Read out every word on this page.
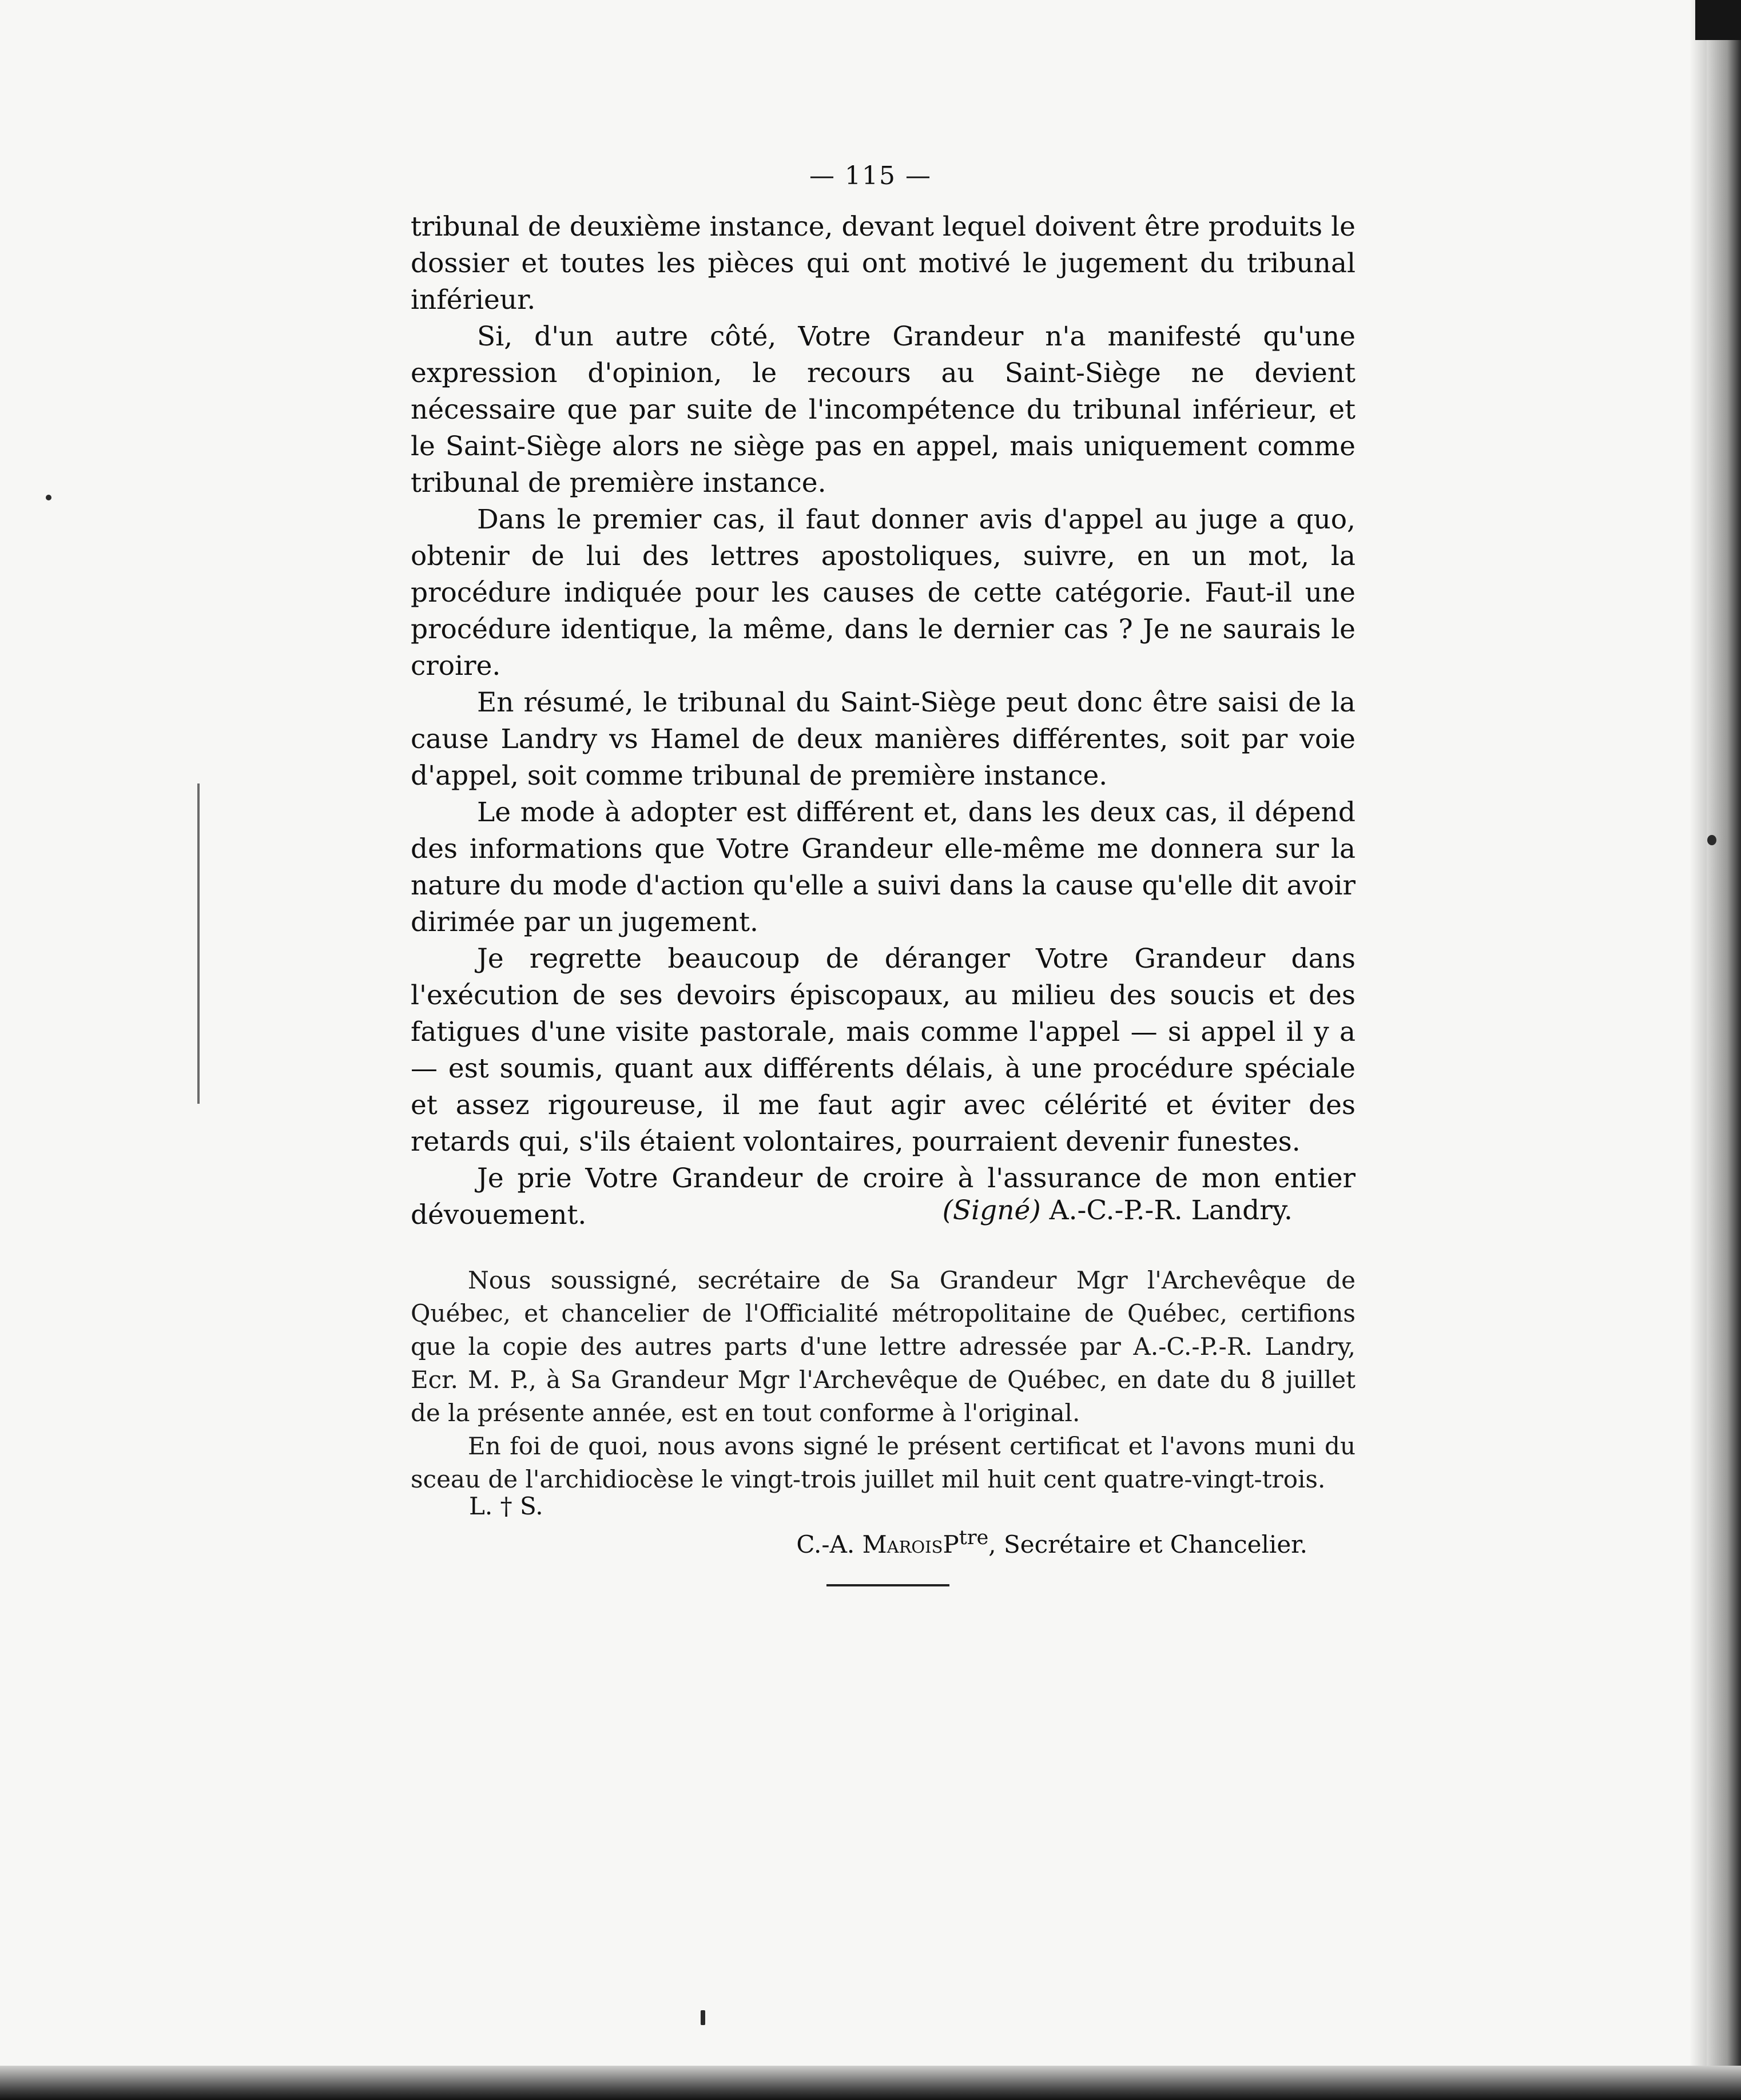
— 115 —

tribunal de deuxième instance, devant lequel doivent être produits le dossier et toutes les pièces qui ont motivé le jugement du tribunal inférieur.

Si, d'un autre côté, Votre Grandeur n'a manifesté qu'une expression d'opinion, le recours au Saint-Siège ne devient nécessaire que par suite de l'incompétence du tribunal inférieur, et le Saint-Siège alors ne siège pas en appel, mais uniquement comme tribunal de première instance.

Dans le premier cas, il faut donner avis d'appel au juge a quo, obtenir de lui des lettres apostoliques, suivre, en un mot, la procédure indiquée pour les causes de cette catégorie. Faut-il une procédure identique, la même, dans le dernier cas ? Je ne saurais le croire.

En résumé, le tribunal du Saint-Siège peut donc être saisi de la cause Landry vs Hamel de deux manières différentes, soit par voie d'appel, soit comme tribunal de première instance.

Le mode à adopter est différent et, dans les deux cas, il dépend des informations que Votre Grandeur elle-même me donnera sur la nature du mode d'action qu'elle a suivi dans la cause qu'elle dit avoir dirimée par un jugement.

Je regrette beaucoup de déranger Votre Grandeur dans l'exécution de ses devoirs épiscopaux, au milieu des soucis et des fatigues d'une visite pastorale, mais comme l'appel — si appel il y a — est soumis, quant aux différents délais, à une procédure spéciale et assez rigoureuse, il me faut agir avec célérité et éviter des retards qui, s'ils étaient volontaires, pourraient devenir funestes.

Je prie Votre Grandeur de croire à l'assurance de mon entier dévouement.	(Signé) A.-C.-P.-R. Landry.

Nous soussigné, secrétaire de Sa Grandeur Mgr l'Archevêque de Québec, et chancelier de l'Officialité métropolitaine de Québec, certifions que la copie des autres parts d'une lettre adressée par A.-C.-P.-R. Landry, Ecr. M. P., à Sa Grandeur Mgr l'Archevêque de Québec, en date du 8 juillet de la présente année, est en tout conforme à l'original.

En foi de quoi, nous avons signé le présent certificat et l'avons muni du sceau de l'archidiocèse le vingt-trois juillet mil huit cent quatre-vingt-trois.

L. † S.
C.-A. MaroisP$^{tre}$, Secrétaire et Chancelier.
